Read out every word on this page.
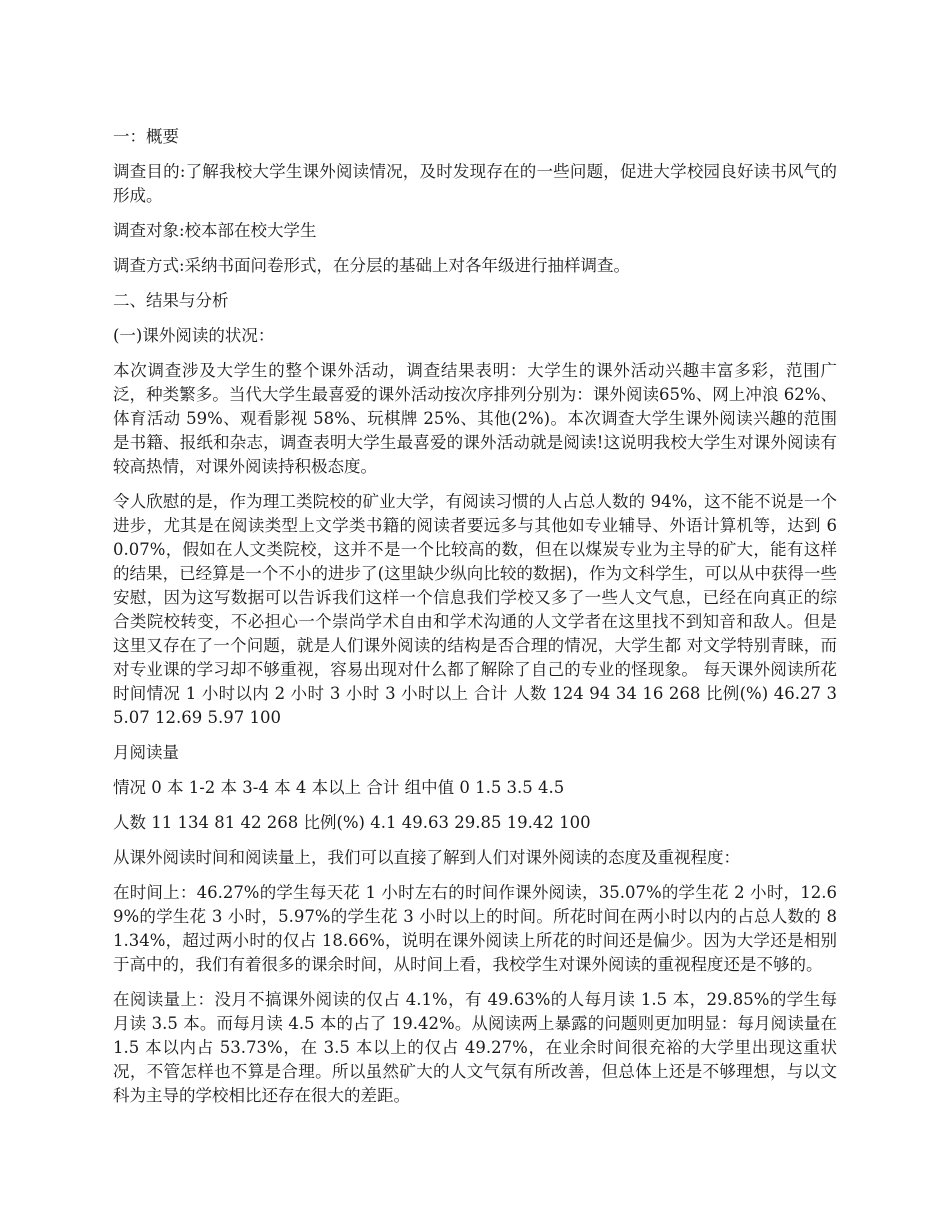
一：概要

调查目的:了解我校大学生课外阅读情况，及时发现存在的一些问题，促进大学校园良好读书风气的形成。

调查对象:校本部在校大学生

调查方式:采纳书面问卷形式，在分层的基础上对各年级进行抽样调查。

二、结果与分析

(一)课外阅读的状况：

本次调查涉及大学生的整个课外活动，调查结果表明：大学生的课外活动兴趣丰富多彩，范围广泛，种类繁多。当代大学生最喜爱的课外活动按次序排列分别为：课外阅读65%、网上冲浪 62%、体育活动 59%、观看影视 58%、玩棋牌 25%、其他(2%)。本次调查大学生课外阅读兴趣的范围是书籍、报纸和杂志，调查表明大学生最喜爱的课外活动就是阅读!这说明我校大学生对课外阅读有较高热情，对课外阅读持积极态度。

令人欣慰的是，作为理工类院校的矿业大学，有阅读习惯的人占总人数的 94%，这不能不说是一个进步，尤其是在阅读类型上文学类书籍的阅读者要远多与其他如专业辅导、外语计算机等，达到 60.07%，假如在人文类院校，这并不是一个比较高的数，但在以煤炭专业为主导的矿大，能有这样的结果，已经算是一个不小的进步了(这里缺少纵向比较的数据)，作为文科学生，可以从中获得一些安慰，因为这写数据可以告诉我们这样一个信息我们学校又多了一些人文气息，已经在向真正的综合类院校转变，不必担心一个崇尚学术自由和学术沟通的人文学者在这里找不到知音和敌人。但是这里又存在了一个问题，就是人们课外阅读的结构是否合理的情况，大学生都 对文学特别青睐，而对专业课的学习却不够重视，容易出现对什么都了解除了自己的专业的怪现象。 每天课外阅读所花时间情况 1 小时以内 2 小时 3 小时 3 小时以上 合计 人数 124 94 34 16 268 比例(%) 46.27 35.07 12.69 5.97 100

月阅读量

情况 0 本 1-2 本 3-4 本 4 本以上 合计 组中值 0 1.5 3.5 4.5

人数 11 134 81 42 268 比例(%) 4.1 49.63 29.85 19.42 100

从课外阅读时间和阅读量上，我们可以直接了解到人们对课外阅读的态度及重视程度：

在时间上：46.27%的学生每天花 1 小时左右的时间作课外阅读，35.07%的学生花 2 小时，12.69%的学生花 3 小时，5.97%的学生花 3 小时以上的时间。所花时间在两小时以内的占总人数的 81.34%，超过两小时的仅占 18.66%，说明在课外阅读上所花的时间还是偏少。因为大学还是相别于高中的，我们有着很多的课余时间，从时间上看，我校学生对课外阅读的重视程度还是不够的。

在阅读量上：没月不搞课外阅读的仅占 4.1%，有 49.63%的人每月读 1.5 本，29.85%的学生每月读 3.5 本。而每月读 4.5 本的占了 19.42%。从阅读两上暴露的问题则更加明显：每月阅读量在 1.5 本以内占 53.73%，在 3.5 本以上的仅占 49.27%，在业余时间很充裕的大学里出现这重状况，不管怎样也不算是合理。所以虽然矿大的人文气氛有所改善，但总体上还是不够理想，与以文科为主导的学校相比还存在很大的差距。
